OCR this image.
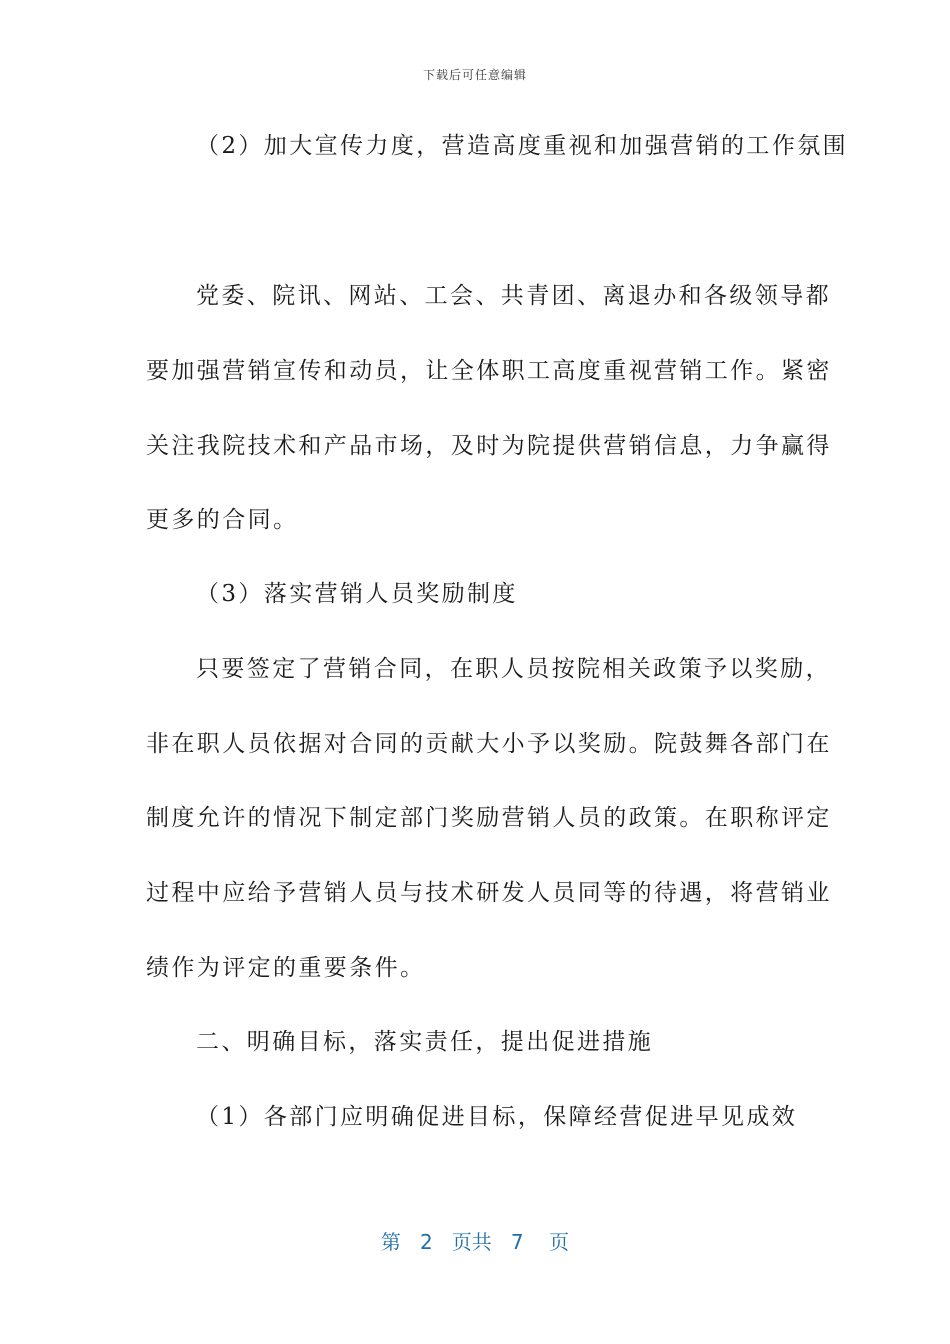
下载后可任意编辑
（2）加大宣传力度，营造高度重视和加强营销的工作氛围
党委、院讯、网站、工会、共青团、离退办和各级领导都
要加强营销宣传和动员，让全体职工高度重视营销工作。紧密
关注我院技术和产品市场，及时为院提供营销信息，力争赢得
更多的合同。
（3）落实营销人员奖励制度
只要签定了营销合同，在职人员按院相关政策予以奖励，
非在职人员依据对合同的贡献大小予以奖励。院鼓舞各部门在
制度允许的情况下制定部门奖励营销人员的政策。在职称评定
过程中应给予营销人员与技术研发人员同等的待遇，将营销业
绩作为评定的重要条件。
二、明确目标，落实责任，提出促进措施
（1）各部门应明确促进目标，保障经营促进早见成效
第 2 页共 7 页
